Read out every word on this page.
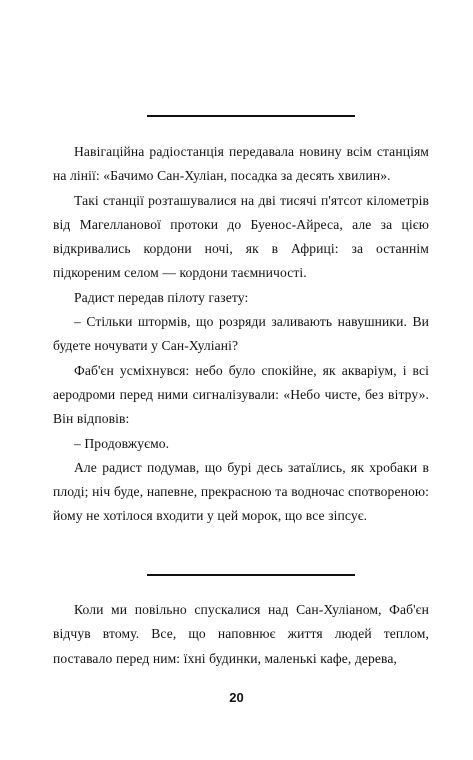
Навігаційна радіостанція передавала новину всім станціям на лінії: «Бачимо Сан-Хуліан, посадка за десять хвилин».

Такі станції розташувалися на дві тисячі п'ятсот кілометрів від Магелланової протоки до Буенос-Айреса, але за цією відкривались кордони ночі, як в Африці: за останнім підкореним селом — кордони таємничості.

Радист передав пілоту газету:

– Стільки штормів, що розряди заливають навушники. Ви будете ночувати у Сан-Хуліані?

Фаб'єн усміхнувся: небо було спокійне, як акваріум, і всі аеродроми перед ними сигналізували: «Небо чисте, без вітру». Він відповів:

– Продовжуємо.

Але радист подумав, що бурі десь затаїлись, як хробаки в плоді; ніч буде, напевне, прекрасною та водночас спотвореною: йому не хотілося входити у цей морок, що все зіпсує.

Коли ми повільно спускалися над Сан-Хуліаном, Фаб'єн відчув втому. Все, що наповнює життя людей теплом, поставало перед ним: їхні будинки, маленькі кафе, дерева,

20
